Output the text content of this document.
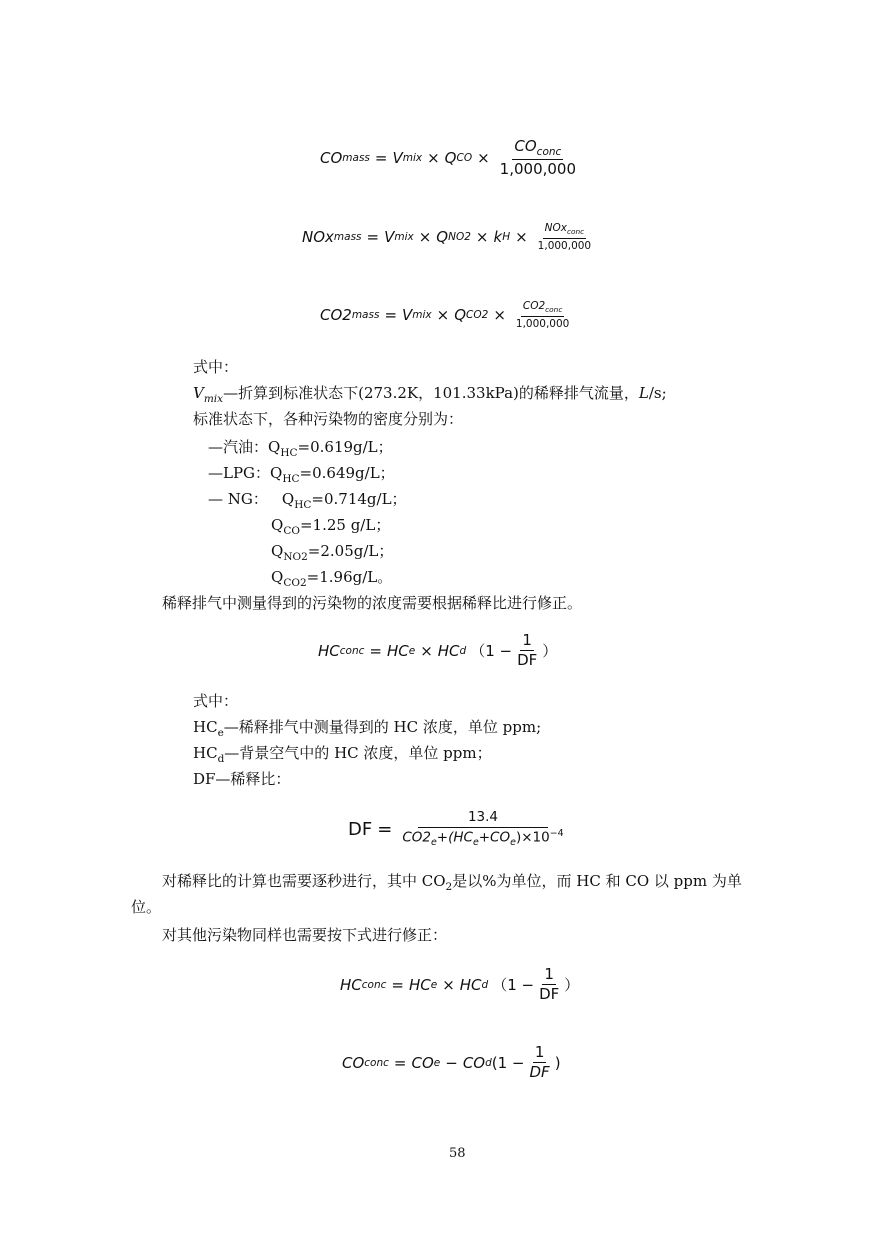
CO mass = V mix × Q CO × $\frac{CO_{conc}}{1,000,000}$
NOx mass = V mix × Q NO2 × k $H \times \frac{NOx_{conc}}{1,000,000}$
CO2 mass = V mix × Q $CO2 \times \frac{CO2_{conc}}{1,000,000}$
式中：
$V_{mix}—$折算到标准状态下(273.2K，101.33kPa)的稀释排气流量，L/s;
标准状态下，各种污染物的密度分别为：
—汽油：$Q_{HC}=0.619g/L$；
—LPG：$Q_{HC}=0.649g/L$；
— NG： $Q_{HC}=0.714g/L$；
$Q_{CO}=1.25$ g/L；
$Q_{NO2}=2.05g/L$；
$Q_{CO2}=1.96g/L$。
稀释排气中测量得到的污染物的浓度需要根据稀释比进行修正。
HC conc = HC e × HC d （$1 - \frac{1}{DF}$ ）
式中：
$HC_e—$稀释排气中测量得到的 HC 浓度，单位 ppm;
$HC_d—$背景空气中的 HC 浓度，单位 ppm；
DF—稀释比：
DF = $\frac{13.4}{CO2_e+(HC_e+CO_e)\times 10^{-4}}$
对稀释比的计算也需要逐秒进行，其中 $CO_2$是以%为单位，而 HC 和 CO 以 ppm 为单
位。
对其他污染物同样也需要按下式进行修正：
HC conc = HC e × HC d （$1 - \frac{1}{DF}$ ）
CO conc = CO e − CO d ($1 - \frac{1}{DF}$ )
58
